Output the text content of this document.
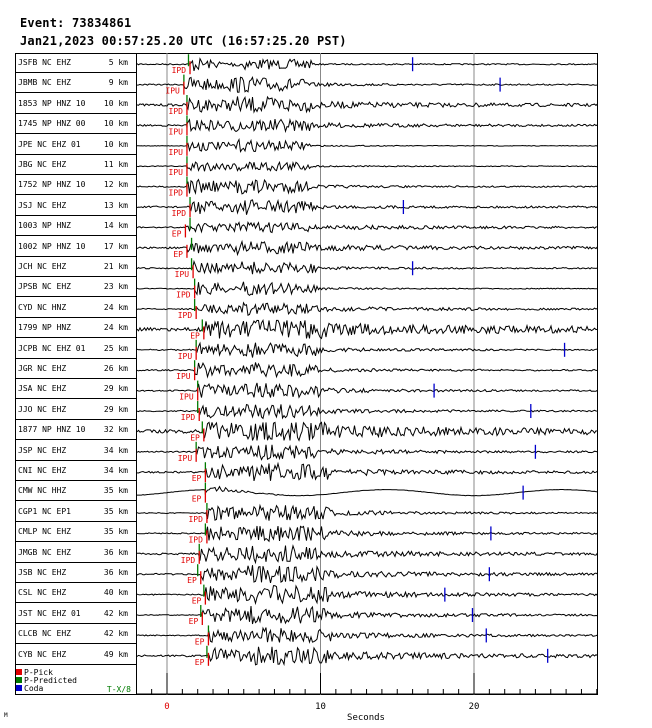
Event: 73834861
Jan21,2023 00:57:25.20 UTC (16:57:25.20 PST)
JSFB NC EHZ	5 km
JBMB NC EHZ	9 km
1853 NP HNZ 10 10 km
1745 NP HNZ 00 10 km
JPE NC EHZ 01	10 km
JBG NC EHZ	11 km
1752 NP HNZ 10 12 km
JSJ NC EHZ	13 km
1003 NP HNZ	14 km
1002 NP HNZ 10 17 km
JCH NC EHZ	21 km
JPSB NC EHZ	23 km
CYD NC HNZ	24 km
1799 NP HNZ	24 km
JCPB NC EHZ 01 25 km
JGR NC EHZ	26 km
JSA NC EHZ	29 km
JJO NC EHZ	29 km
1877 NP HNZ 10 32 km
JSP NC EHZ	34 km
CNI NC EHZ	34 km
CMW NC HHZ	35 km
CGP1 NC EP1	35 km
CMLP NC EHZ	35 km
JMGB NC EHZ	36 km
JSB NC EHZ	36 km
CSL NC EHZ	40 km
JST NC EHZ 01	42 km
CLCB NC EHZ	42 km
CYB NC EHZ	49 km
P-Pick
P-Predicted
Coda	T-X/8
IPD
IPU
IPD
IPU
IPU
IPU
IPD
IPD
EP
EP
IPU
IPD
IPD
EP
IPU
IPU
IPU
IPD
EP
IPU
EP
EP
IPD
IPD
IPD
EP
EP
EP
EP
EP
0	10	20
Seconds
M
